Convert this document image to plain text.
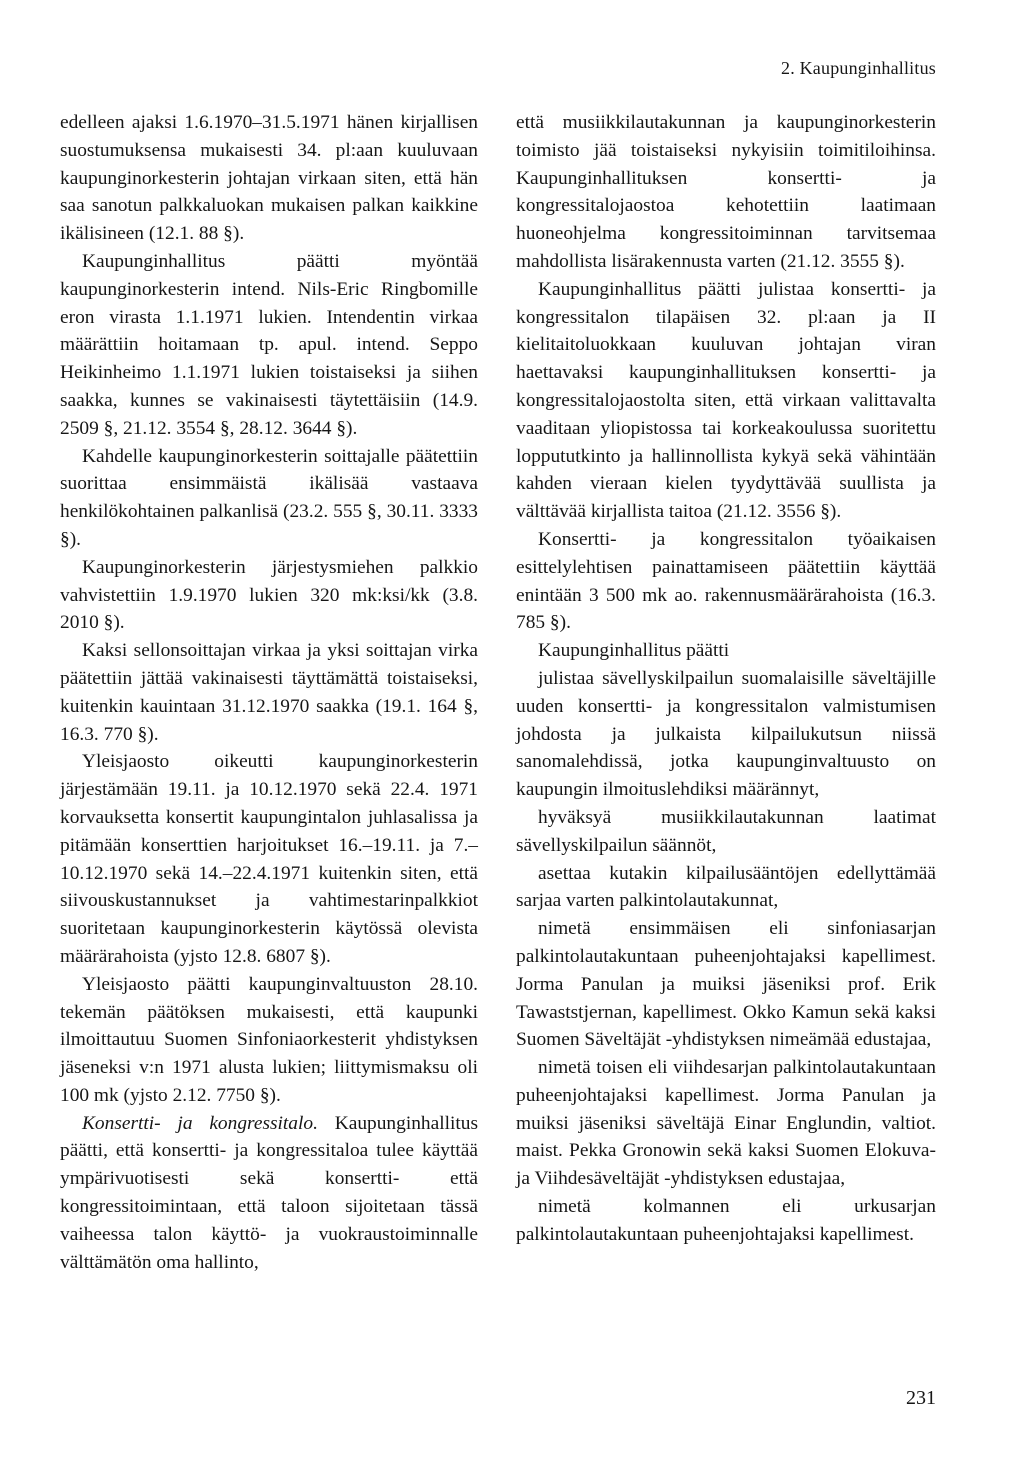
2. Kaupunginhallitus

edelleen ajaksi 1.6.1970–31.5.1971 hänen kirjallisen suostumuksensa mukaisesti 34. pl:aan kuuluvaan kaupunginorkesterin johtajan virkaan siten, että hän saa sanotun palkkaluokan mukaisen palkan kaikkine ikälisineen (12.1. 88 §).

Kaupunginhallitus päätti myöntää kaupunginorkesterin intend. Nils-Eric Ringbomille eron virasta 1.1.1971 lukien. Intendentin virkaa määrättiin hoitamaan tp. apul. intend. Seppo Heikinheimo 1.1.1971 lukien toistaiseksi ja siihen saakka, kunnes se vakinaisesti täytettäisiin (14.9. 2509 §, 21.12. 3554 §, 28.12. 3644 §).

Kahdelle kaupunginorkesterin soittajalle päätettiin suorittaa ensimmäistä ikälisää vastaava henkilökohtainen palkanlisä (23.2. 555 §, 30.11. 3333 §).

Kaupunginorkesterin järjestysmiehen palkkio vahvistettiin 1.9.1970 lukien 320 mk:ksi/kk (3.8. 2010 §).

Kaksi sellonsoittajan virkaa ja yksi soittajan virka päätettiin jättää vakinaisesti täyttämättä toistaiseksi, kuitenkin kauintaan 31.12.1970 saakka (19.1. 164 §, 16.3. 770 §).

Yleisjaosto oikeutti kaupunginorkesterin järjestämään 19.11. ja 10.12.1970 sekä 22.4. 1971 korvauksetta konsertit kaupungintalon juhlasalissa ja pitämään konserttien harjoitukset 16.–19.11. ja 7.–10.12.1970 sekä 14.–22.4.1971 kuitenkin siten, että siivouskustannukset ja vahtimestarinpalkkiot suoritetaan kaupunginorkesterin käytössä olevista määrärahoista (yjsto 12.8. 6807 §).

Yleisjaosto päätti kaupunginvaltuuston 28.10. tekemän päätöksen mukaisesti, että kaupunki ilmoittautuu Suomen Sinfoniaorkesterit yhdistyksen jäseneksi v:n 1971 alusta lukien; liittymismaksu oli 100 mk (yjsto 2.12. 7750 §).

Konsertti- ja kongressitalo. Kaupunginhallitus päätti, että konsertti- ja kongressitaloa tulee käyttää ympärivuotisesti sekä konsertti- että kongressitoimintaan, että taloon sijoitetaan tässä vaiheessa talon käyttö- ja vuokraustoiminnalle välttämätön oma hallinto,

että musiikkilautakunnan ja kaupunginorkesterin toimisto jää toistaiseksi nykyisiin toimitiloihinsa. Kaupunginhallituksen konsertti- ja kongressitalojaostoa kehotettiin laatimaan huoneohjelma kongressitoiminnan tarvitsemaa mahdollista lisärakennusta varten (21.12. 3555 §).

Kaupunginhallitus päätti julistaa konsertti- ja kongressitalon tilapäisen 32. pl:aan ja II kielitaitoluokkaan kuuluvan johtajan viran haettavaksi kaupunginhallituksen konsertti- ja kongressitalojaostolta siten, että virkaan valittavalta vaaditaan yliopistossa tai korkeakoulussa suoritettu loppututkinto ja hallinnollista kykyä sekä vähintään kahden vieraan kielen tyydyttävää suullista ja välttävää kirjallista taitoa (21.12. 3556 §).

Konsertti- ja kongressitalon työaikaisen esittelylehtisen painattamiseen päätettiin käyttää enintään 3 500 mk ao. rakennusmäärärahoista (16.3. 785 §).

Kaupunginhallitus päätti

julistaa sävellyskilpailun suomalaisille säveltäjille uuden konsertti- ja kongressitalon valmistumisen johdosta ja julkaista kilpailukutsun niissä sanomalehdissä, jotka kaupunginvaltuusto on kaupungin ilmoituslehdiksi määrännyt,

hyväksyä musiikkilautakunnan laatimat sävellyskilpailun säännöt,

asettaa kutakin kilpailusääntöjen edellyttämää sarjaa varten palkintolautakunnat,

nimetä ensimmäisen eli sinfoniasarjan palkintolautakuntaan puheenjohtajaksi kapellimest. Jorma Panulan ja muiksi jäseniksi prof. Erik Tawaststjernan, kapellimest. Okko Kamun sekä kaksi Suomen Säveltäjät -yhdistyksen nimeämää edustajaa,

nimetä toisen eli viihdesarjan palkintolautakuntaan puheenjohtajaksi kapellimest. Jorma Panulan ja muiksi jäseniksi säveltäjä Einar Englundin, valtiot. maist. Pekka Gronowin sekä kaksi Suomen Elokuva- ja Viihdesäveltäjät -yhdistyksen edustajaa,

nimetä kolmannen eli urkusarjan palkintolautakuntaan puheenjohtajaksi kapellimest.

231
